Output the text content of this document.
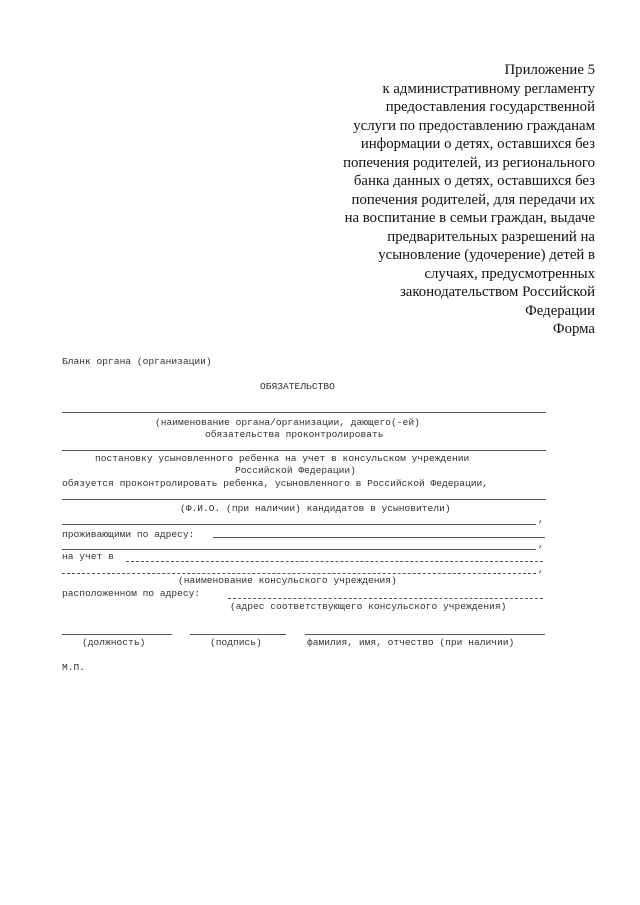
Приложение 5
к административному регламенту
предоставления государственной
услуги по предоставлению гражданам
информации о детях, оставшихся без
попечения родителей, из регионального
банка данных о детях, оставшихся без
попечения родителей, для передачи их
на воспитание в семьи граждан, выдаче
предварительных разрешений на
усыновление (удочерение) детей в
случаях, предусмотренных
законодательством Российской
Федерации
Форма
Бланк органа (организации)
ОБЯЗАТЕЛЬСТВО
(наименование органа/организации, дающего(-ей)
обязательства проконтролировать
постановку усыновленного ребенка на учет в консульском учреждении
Российской Федерации)
обязуется проконтролировать ребенка, усыновленного в Российской Федерации,
(Ф.И.О. (при наличии) кандидатов в усыновители)
,
проживающими по адресу:
,
на учет в
,
(наименование консульского учреждения)
расположенном по адресу:
(адрес соответствующего консульского учреждения)
(должность)	(подпись)	фамилия, имя, отчество (при наличии)
М.П.
